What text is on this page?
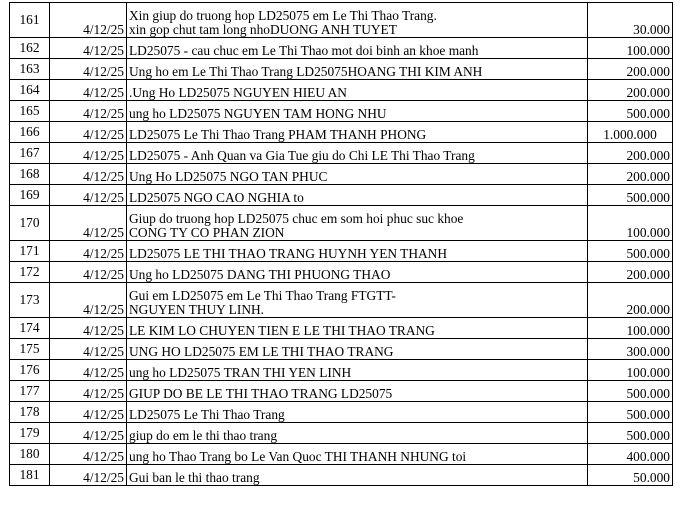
161	4/12/25	Xin giup do truong hop LD25075 em Le Thi Thao Trang.
xin gop chut tam long nhoDUONG ANH TUYET	30.000
162	4/12/25	LD25075 - cau chuc em Le Thi Thao mot doi binh an khoe manh	100.000
163	4/12/25	Ung ho em Le Thi Thao Trang LD25075HOANG THI KIM ANH	200.000
164	4/12/25	.Ung Ho LD25075 NGUYEN HIEU AN	200.000
165	4/12/25	ung ho LD25075 NGUYEN TAM HONG NHU	500.000
166	4/12/25	LD25075 Le Thi Thao Trang PHAM THANH PHONG	1.000.000
167	4/12/25	LD25075 - Anh Quan va Gia Tue giu do Chi LE Thi Thao Trang	200.000
168	4/12/25	Ung Ho LD25075 NGO TAN PHUC	200.000
169	4/12/25	LD25075 NGO CAO NGHIA to	500.000
170	4/12/25	Giup do truong hop LD25075 chuc em som hoi phuc suc khoe
CONG TY CO PHAN ZION	100.000
171	4/12/25	LD25075 LE THI THAO TRANG HUYNH YEN THANH	500.000
172	4/12/25	Ung ho LD25075 DANG THI PHUONG THAO	200.000
173	4/12/25	Gui em LD25075 em Le Thi Thao Trang FTGTT-
NGUYEN THUY LINH.	200.000
174	4/12/25	LE KIM LO CHUYEN TIEN E LE THI THAO TRANG	100.000
175	4/12/25	UNG HO LD25075 EM LE THI THAO TRANG	300.000
176	4/12/25	ung ho LD25075 TRAN THI YEN LINH	100.000
177	4/12/25	GIUP DO BE LE THI THAO TRANG LD25075	500.000
178	4/12/25	LD25075 Le Thi Thao Trang	500.000
179	4/12/25	giup do em le thi thao trang	500.000
180	4/12/25	ung ho Thao Trang bo Le Van Quoc THI THANH NHUNG toi	400.000
181	4/12/25	Gui ban le thi thao trang	50.000
